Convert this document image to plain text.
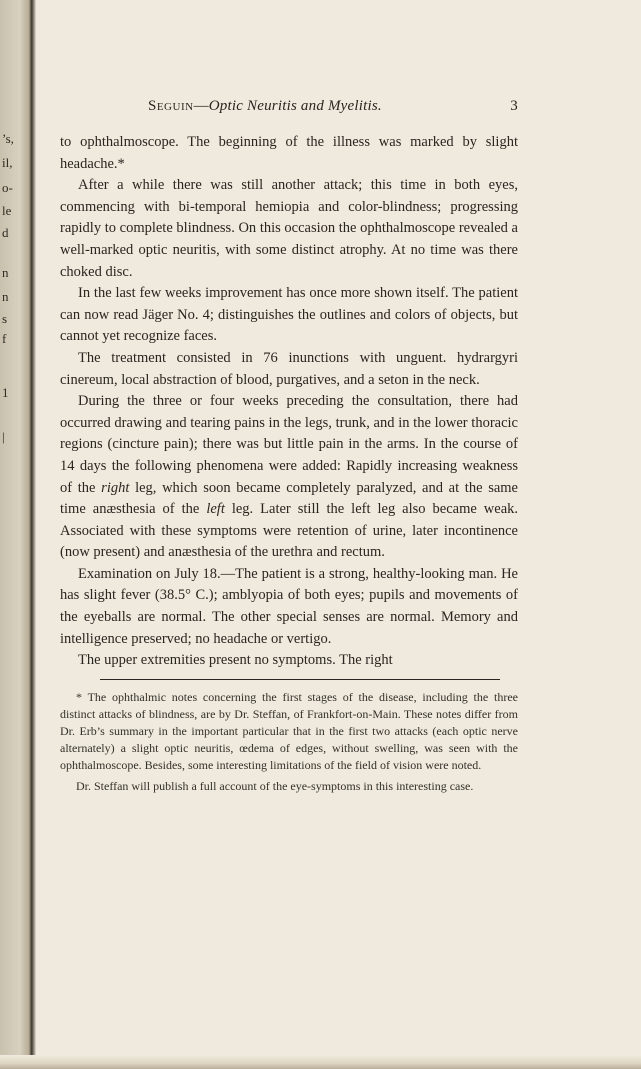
’s,
il,
o-
le
d
n
n
s
f
1
|
Seguin—Optic Neuritis and Myelitis.	3

to ophthalmoscope. The beginning of the illness was marked by slight headache.*

After a while there was still another attack; this time in both eyes, commencing with bi-temporal hemiopia and color-blindness; progressing rapidly to complete blindness. On this occasion the ophthalmoscope revealed a well-marked optic neuritis, with some distinct atrophy. At no time was there choked disc.

In the last few weeks improvement has once more shown itself. The patient can now read Jäger No. 4; distinguishes the outlines and colors of objects, but cannot yet recognize faces.

The treatment consisted in 76 inunctions with unguent. hydrargyri cinereum, local abstraction of blood, purgatives, and a seton in the neck.

During the three or four weeks preceding the consultation, there had occurred drawing and tearing pains in the legs, trunk, and in the lower thoracic regions (cincture pain); there was but little pain in the arms. In the course of 14 days the following phenomena were added: Rapidly increasing weakness of the right leg, which soon became completely paralyzed, and at the same time anæsthesia of the left leg. Later still the left leg also became weak. Associated with these symptoms were retention of urine, later incontinence (now present) and anæsthesia of the urethra and rectum.

Examination on July 18.—The patient is a strong, healthy-looking man. He has slight fever (38.5° C.); amblyopia of both eyes; pupils and movements of the eyeballs are normal. The other special senses are normal. Memory and intelligence preserved; no headache or vertigo.

The upper extremities present no symptoms. The right

* The ophthalmic notes concerning the first stages of the disease, including the three distinct attacks of blindness, are by Dr. Steffan, of Frankfort-on-Main. These notes differ from Dr. Erb’s summary in the important particular that in the first two attacks (each optic nerve alternately) a slight optic neuritis, œdema of edges, without swelling, was seen with the ophthalmoscope. Besides, some interesting limitations of the field of vision were noted.

Dr. Steffan will publish a full account of the eye-symptoms in this interesting case.
